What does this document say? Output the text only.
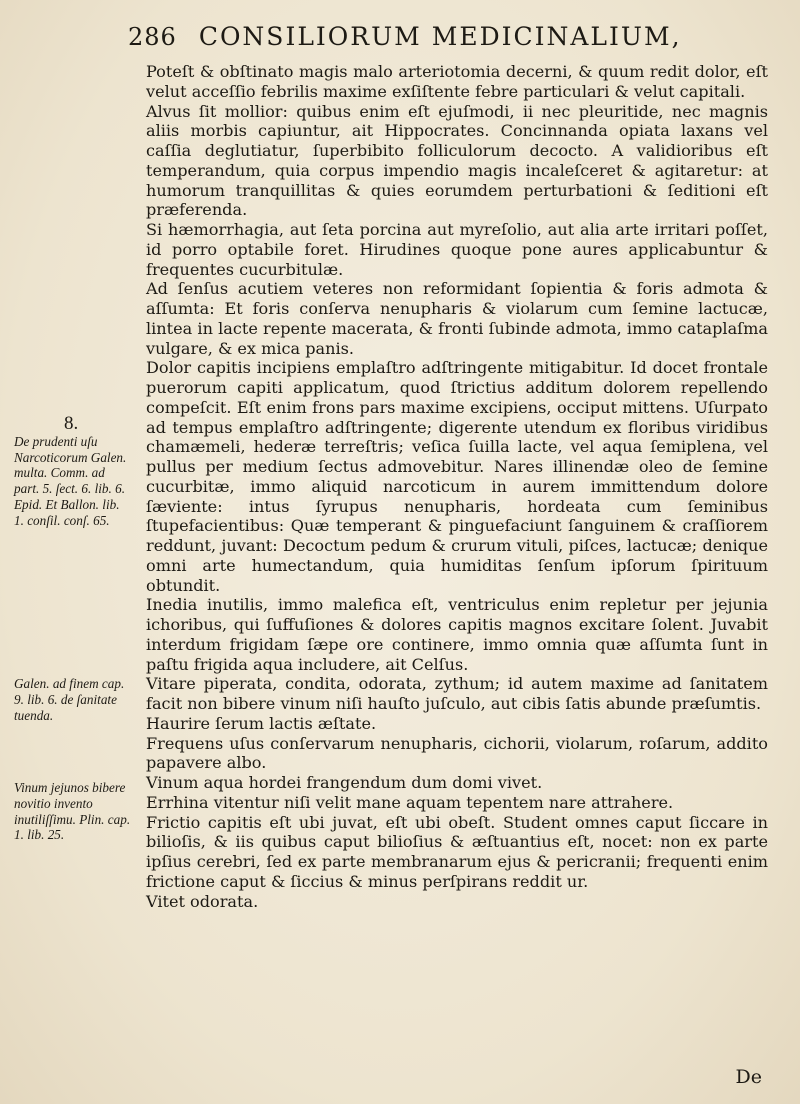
286 CONSILIORUM MEDICINALIUM,

Poteſt & obſtinato magis malo arteriotomia decerni, & quum redit dolor, eſt velut acceſſio febrilis maxime exſiſtente febre particulari & velut capitali.

Alvus ſit mollior: quibus enim eſt ejuſmodi, ii nec pleuritide, nec magnis aliis morbis capiuntur, ait Hippocrates. Concinnanda opiata laxans vel caſſia deglutiatur, ſuperbibito folliculorum decocto. A validioribus eſt temperandum, quia corpus impendio magis incaleſceret & agitaretur: at humorum tranquillitas & quies eorumdem perturbationi & ſeditioni eſt præferenda.

Si hæmorrhagia, aut ſeta porcina aut myreſolio, aut alia arte irritari poſſet, id porro optabile foret. Hirudines quoque pone aures applicabuntur & frequentes cucurbitulæ.

Ad ſenſus acutiem veteres non reformidant ſopientia & foris admota & aſſumta: Et foris conſerva nenupharis & violarum cum ſemine lactucæ, lintea in lacte repente macerata, & fronti ſubinde admota, immo cataplaſma vulgare, & ex mica panis.

Dolor capitis incipiens emplaſtro adſtringente mitigabitur. Id docet frontale puerorum capiti applicatum, quod ſtrictius additum dolorem repellendo compeſcit. Eſt enim frons pars maxime excipiens, occiput mittens. Uſurpato ad tempus emplaſtro adſtringente; digerente utendum ex floribus viridibus chamæmeli, hederæ terreſtris; veſica ſuilla lacte, vel aqua ſemiplena, vel pullus per medium ſectus admovebitur. Nares illinendæ oleo de ſemine cucurbitæ, immo aliquid narcoticum in aurem immittendum dolore ſæviente: intus ſyrupus nenupharis, hordeata cum ſeminibus ſtupefacientibus: Quæ temperant & pinguefaciunt ſanguinem & craſſiorem reddunt, juvant: Decoctum pedum & crurum vituli, piſces, lactucæ; denique omni arte humectandum, quia humiditas ſenſum ipſorum ſpirituum obtundit.

Inedia inutilis, immo malefica eſt, ventriculus enim repletur per jejunia ichoribus, qui ſuffuſiones & dolores capitis magnos excitare ſolent. Juvabit interdum frigidam ſæpe ore continere, immo omnia quæ aſſumta ſunt in paſtu frigida aqua includere, ait Celſus.

Vitare piperata, condita, odorata, zythum; id autem maxime ad ſanitatem facit non bibere vinum niſi hauſto juſculo, aut cibis ſatis abunde præſumtis.

Haurire ſerum lactis æſtate.

Frequens uſus conſervarum nenupharis, cichorii, violarum, roſarum, addito papavere albo.

Vinum aqua hordei frangendum dum domi vivet.

Errhina vitentur niſi velit mane aquam tepentem nare attrahere.

Frictio capitis eſt ubi juvat, eſt ubi obeſt. Student omnes caput ſiccare in bilioſis, & iis quibus caput bilioſius & æſtuantius eſt, nocet: non ex parte ipſius cerebri, ſed ex parte membranarum ejus & pericranii; frequenti enim frictione caput & ſiccius & minus perſpirans reddit ur.

Vitet odorata.

8.
De prudenti uſu Narcoticorum Galen. multa. Comm. ad part. 5. ſect. 6. lib. 6. Epid. Et Ballon. lib. 1. conſil. conſ. 65.
Galen. ad finem cap. 9. lib. 6. de ſanitate tuenda.
Vinum jejunos bibere novitio invento inutiliſſimu. Plin. cap. 1. lib. 25.
De
